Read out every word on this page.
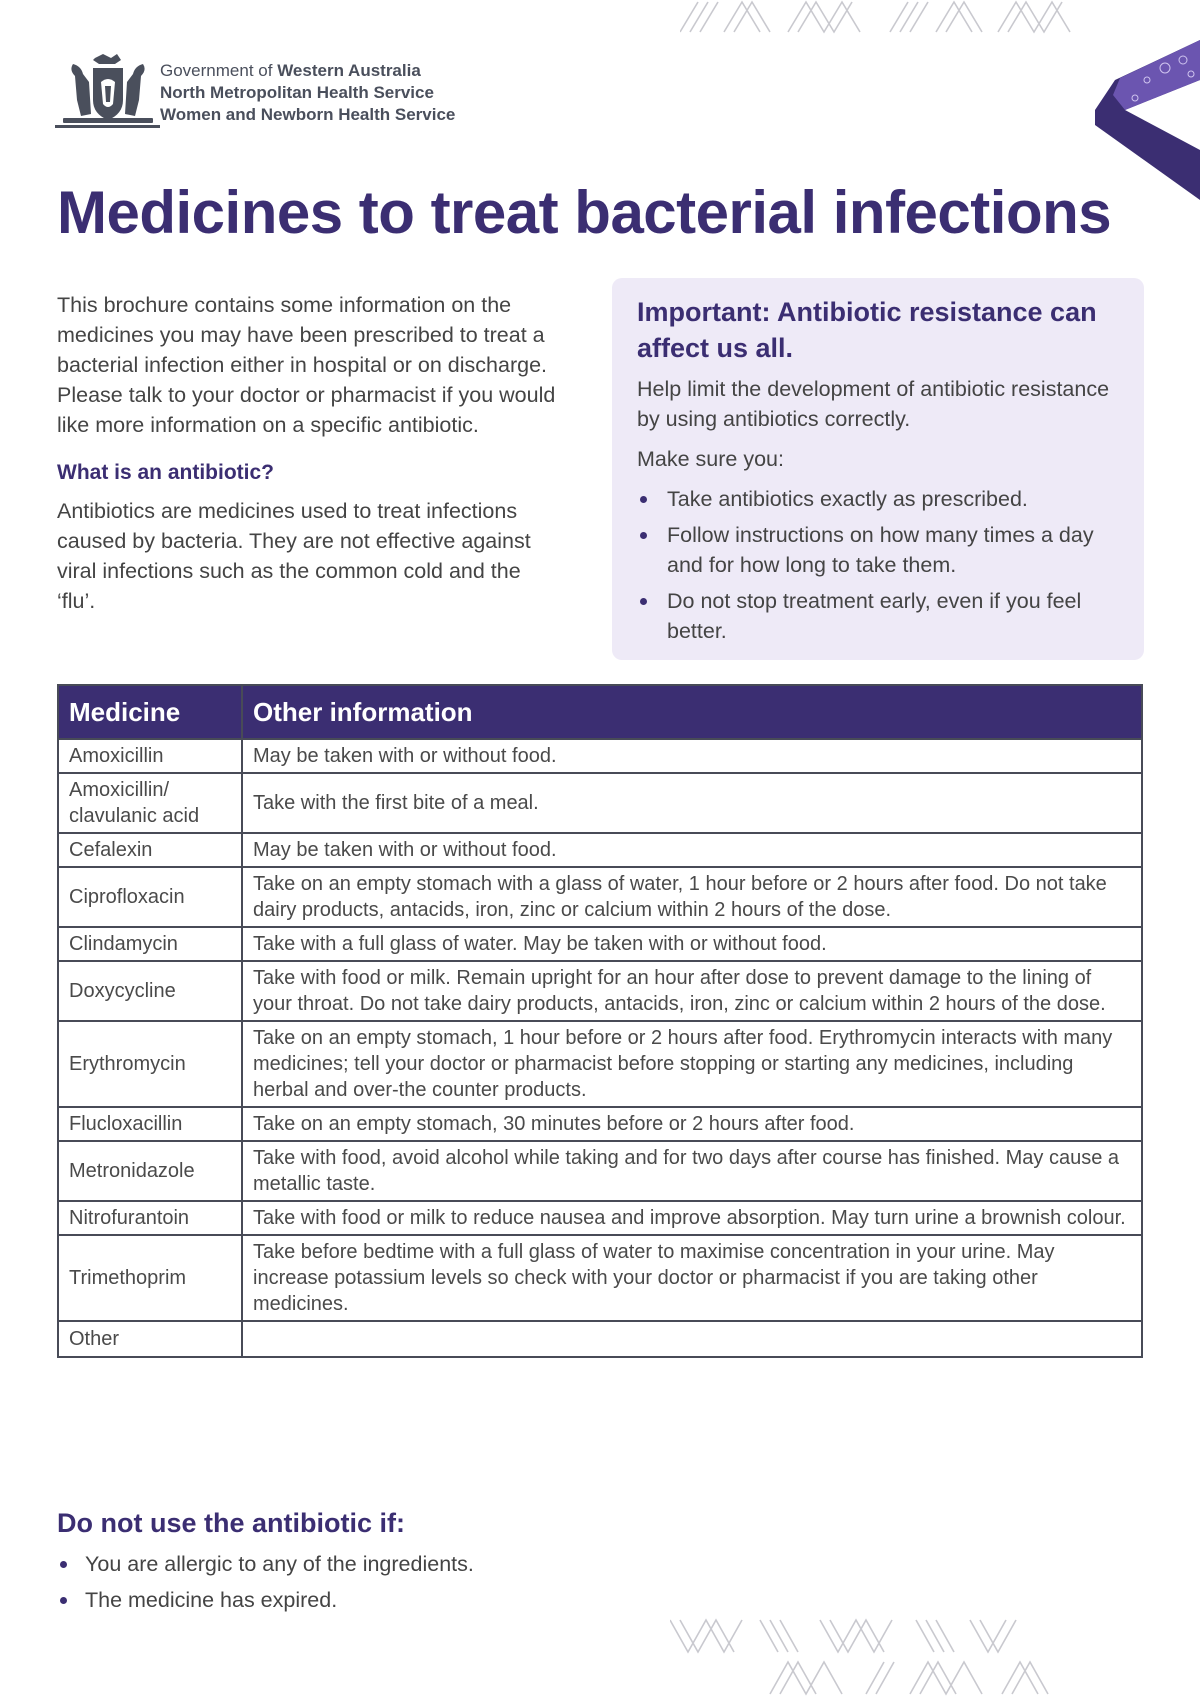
Government of Western Australia
North Metropolitan Health Service
Women and Newborn Health Service
Medicines to treat bacterial infections

This brochure contains some information on the medicines you may have been prescribed to treat a bacterial infection either in hospital or on discharge. Please talk to your doctor or pharmacist if you would like more information on a specific antibiotic.

What is an antibiotic?

Antibiotics are medicines used to treat infections caused by bacteria. They are not effective against viral infections such as the common cold and the ‘flu’.

Important: Antibiotic resistance can affect us all.

Help limit the development of antibiotic resistance by using antibiotics correctly.

Make sure you:

Take antibiotics exactly as prescribed.
Follow instructions on how many times a day and for how long to take them.
Do not stop treatment early, even if you feel better.
Medicine	Other information
Amoxicillin	May be taken with or without food.
Amoxicillin/ clavulanic acid	Take with the first bite of a meal.
Cefalexin	May be taken with or without food.
Ciprofloxacin	Take on an empty stomach with a glass of water, 1 hour before or 2 hours after food. Do not take dairy products, antacids, iron, zinc or calcium within 2 hours of the dose.
Clindamycin	Take with a full glass of water. May be taken with or without food.
Doxycycline	Take with food or milk. Remain upright for an hour after dose to prevent damage to the lining of your throat. Do not take dairy products, antacids, iron, zinc or calcium within 2 hours of the dose.
Erythromycin	Take on an empty stomach, 1 hour before or 2 hours after food. Erythromycin interacts with many medicines; tell your doctor or pharmacist before stopping or starting any medicines, including herbal and over-the counter products.
Flucloxacillin	Take on an empty stomach, 30 minutes before or 2 hours after food.
Metronidazole	Take with food, avoid alcohol while taking and for two days after course has finished. May cause a metallic taste.
Nitrofurantoin	Take with food or milk to reduce nausea and improve absorption. May turn urine a brownish colour.
Trimethoprim	Take before bedtime with a full glass of water to maximise concentration in your urine. May increase potassium levels so check with your doctor or pharmacist if you are taking other medicines.
Other	
Do not use the antibiotic if:
You are allergic to any of the ingredients.
The medicine has expired.
